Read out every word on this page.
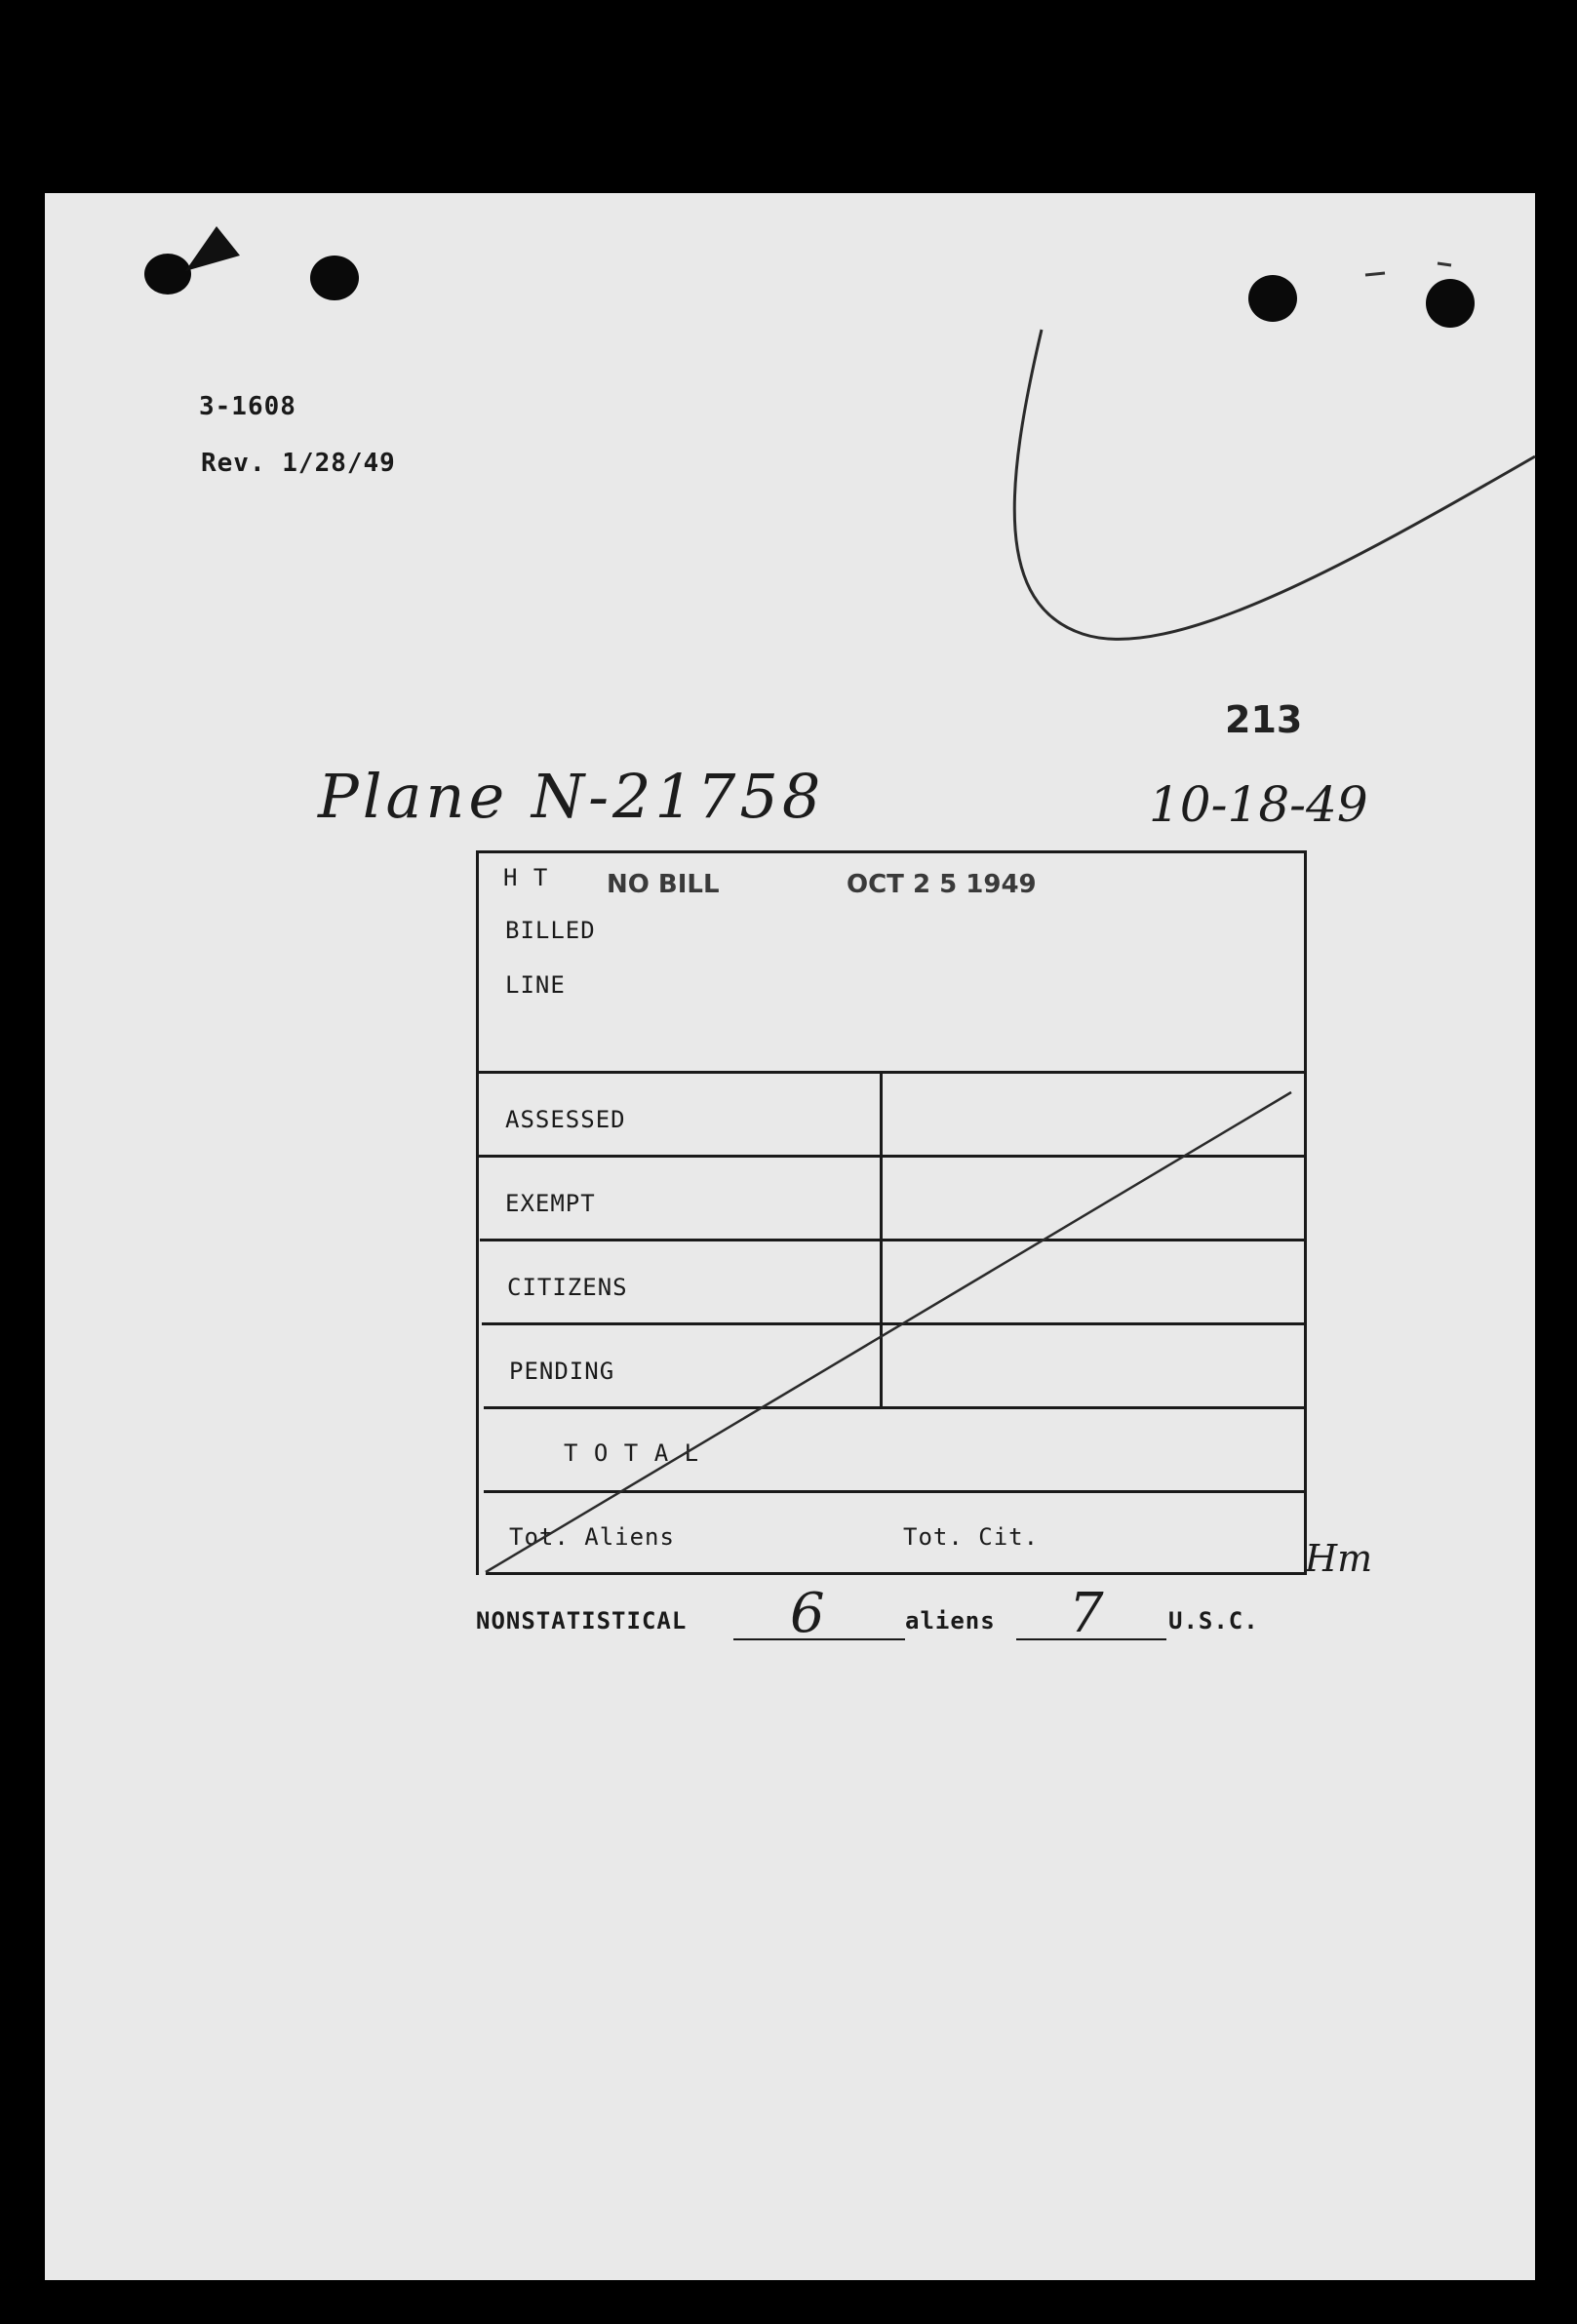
3-1608
Rev. 1/28/49
213
Plane N-21758	10-18-49
H T NO BILL	OCT 2 5 1949
BILLED
LINE
ASSESSED
EXEMPT
CITIZENS
PENDING
T O T A L
Tot. Aliens	Tot. Cit.	Hm
NONSTATISTICAL 6	aliens 7	U.S.C.
